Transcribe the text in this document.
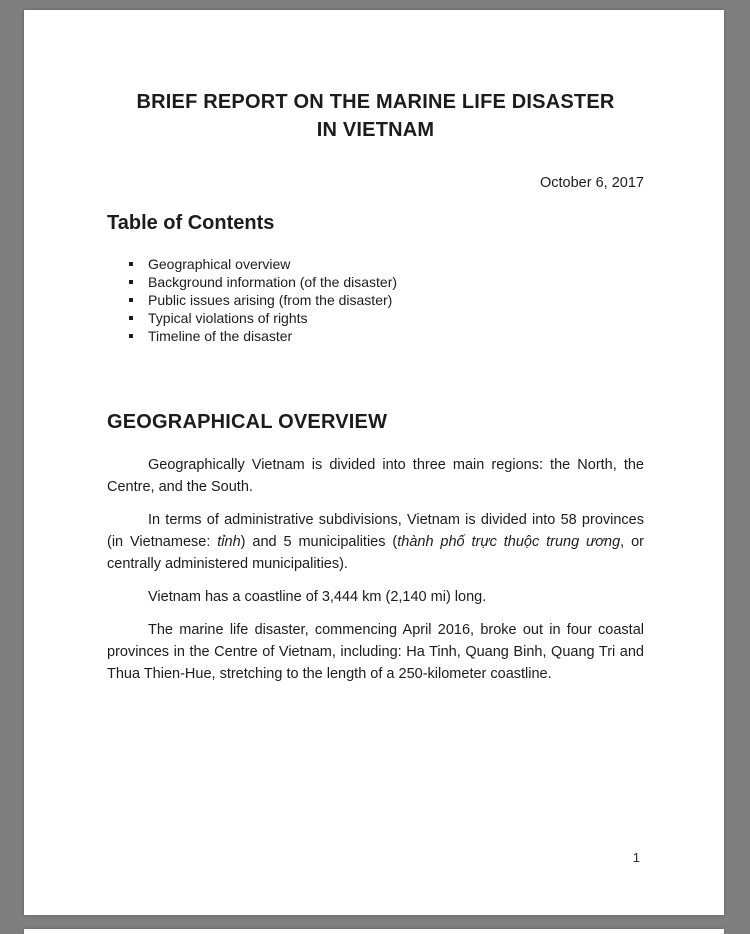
BRIEF REPORT ON THE MARINE LIFE DISASTER
IN VIETNAM
October 6, 2017
Table of Contents
Geographical overview
Background information (of the disaster)
Public issues arising (from the disaster)
Typical violations of rights
Timeline of the disaster
GEOGRAPHICAL OVERVIEW

Geographically Vietnam is divided into three main regions: the North, the Centre, and the South.

In terms of administrative subdivisions, Vietnam is divided into 58 provinces (in Vietnamese: tỉnh) and 5 municipalities (thành phố trực thuộc trung ương, or centrally administered municipalities).

Vietnam has a coastline of 3,444 km (2,140 mi) long.

The marine life disaster, commencing April 2016, broke out in four coastal provinces in the Centre of Vietnam, including: Ha Tinh, Quang Binh, Quang Tri and Thua Thien-Hue, stretching to the length of a 250-kilometer coastline.

1
